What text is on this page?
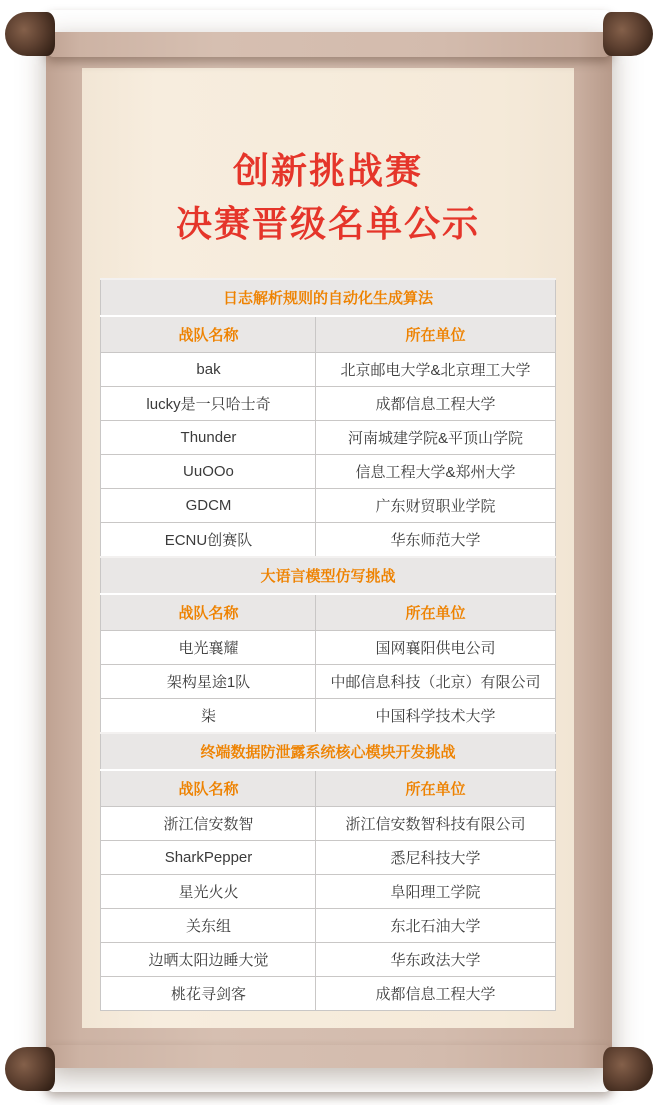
创新挑战赛
决赛晋级名单公示
日志解析规则的自动化生成算法	
战队名称	所在单位
bak	北京邮电大学&北京理工大学
lucky是一只哈士奇	成都信息工程大学
Thunder	河南城建学院&平顶山学院
UuOOo	信息工程大学&郑州大学
GDCM	广东财贸职业学院
ECNU创赛队	华东师范大学
大语言模型仿写挑战	
战队名称	所在单位
电光襄耀	国网襄阳供电公司
架构星途1队	中邮信息科技（北京）有限公司
柒	中国科学技术大学
终端数据防泄露系统核心模块开发挑战	
战队名称	所在单位
浙江信安数智	浙江信安数智科技有限公司
SharkPepper	悉尼科技大学
星光火火	阜阳理工学院
关东组	东北石油大学
边晒太阳边睡大觉	华东政法大学
桃花寻剑客	成都信息工程大学
